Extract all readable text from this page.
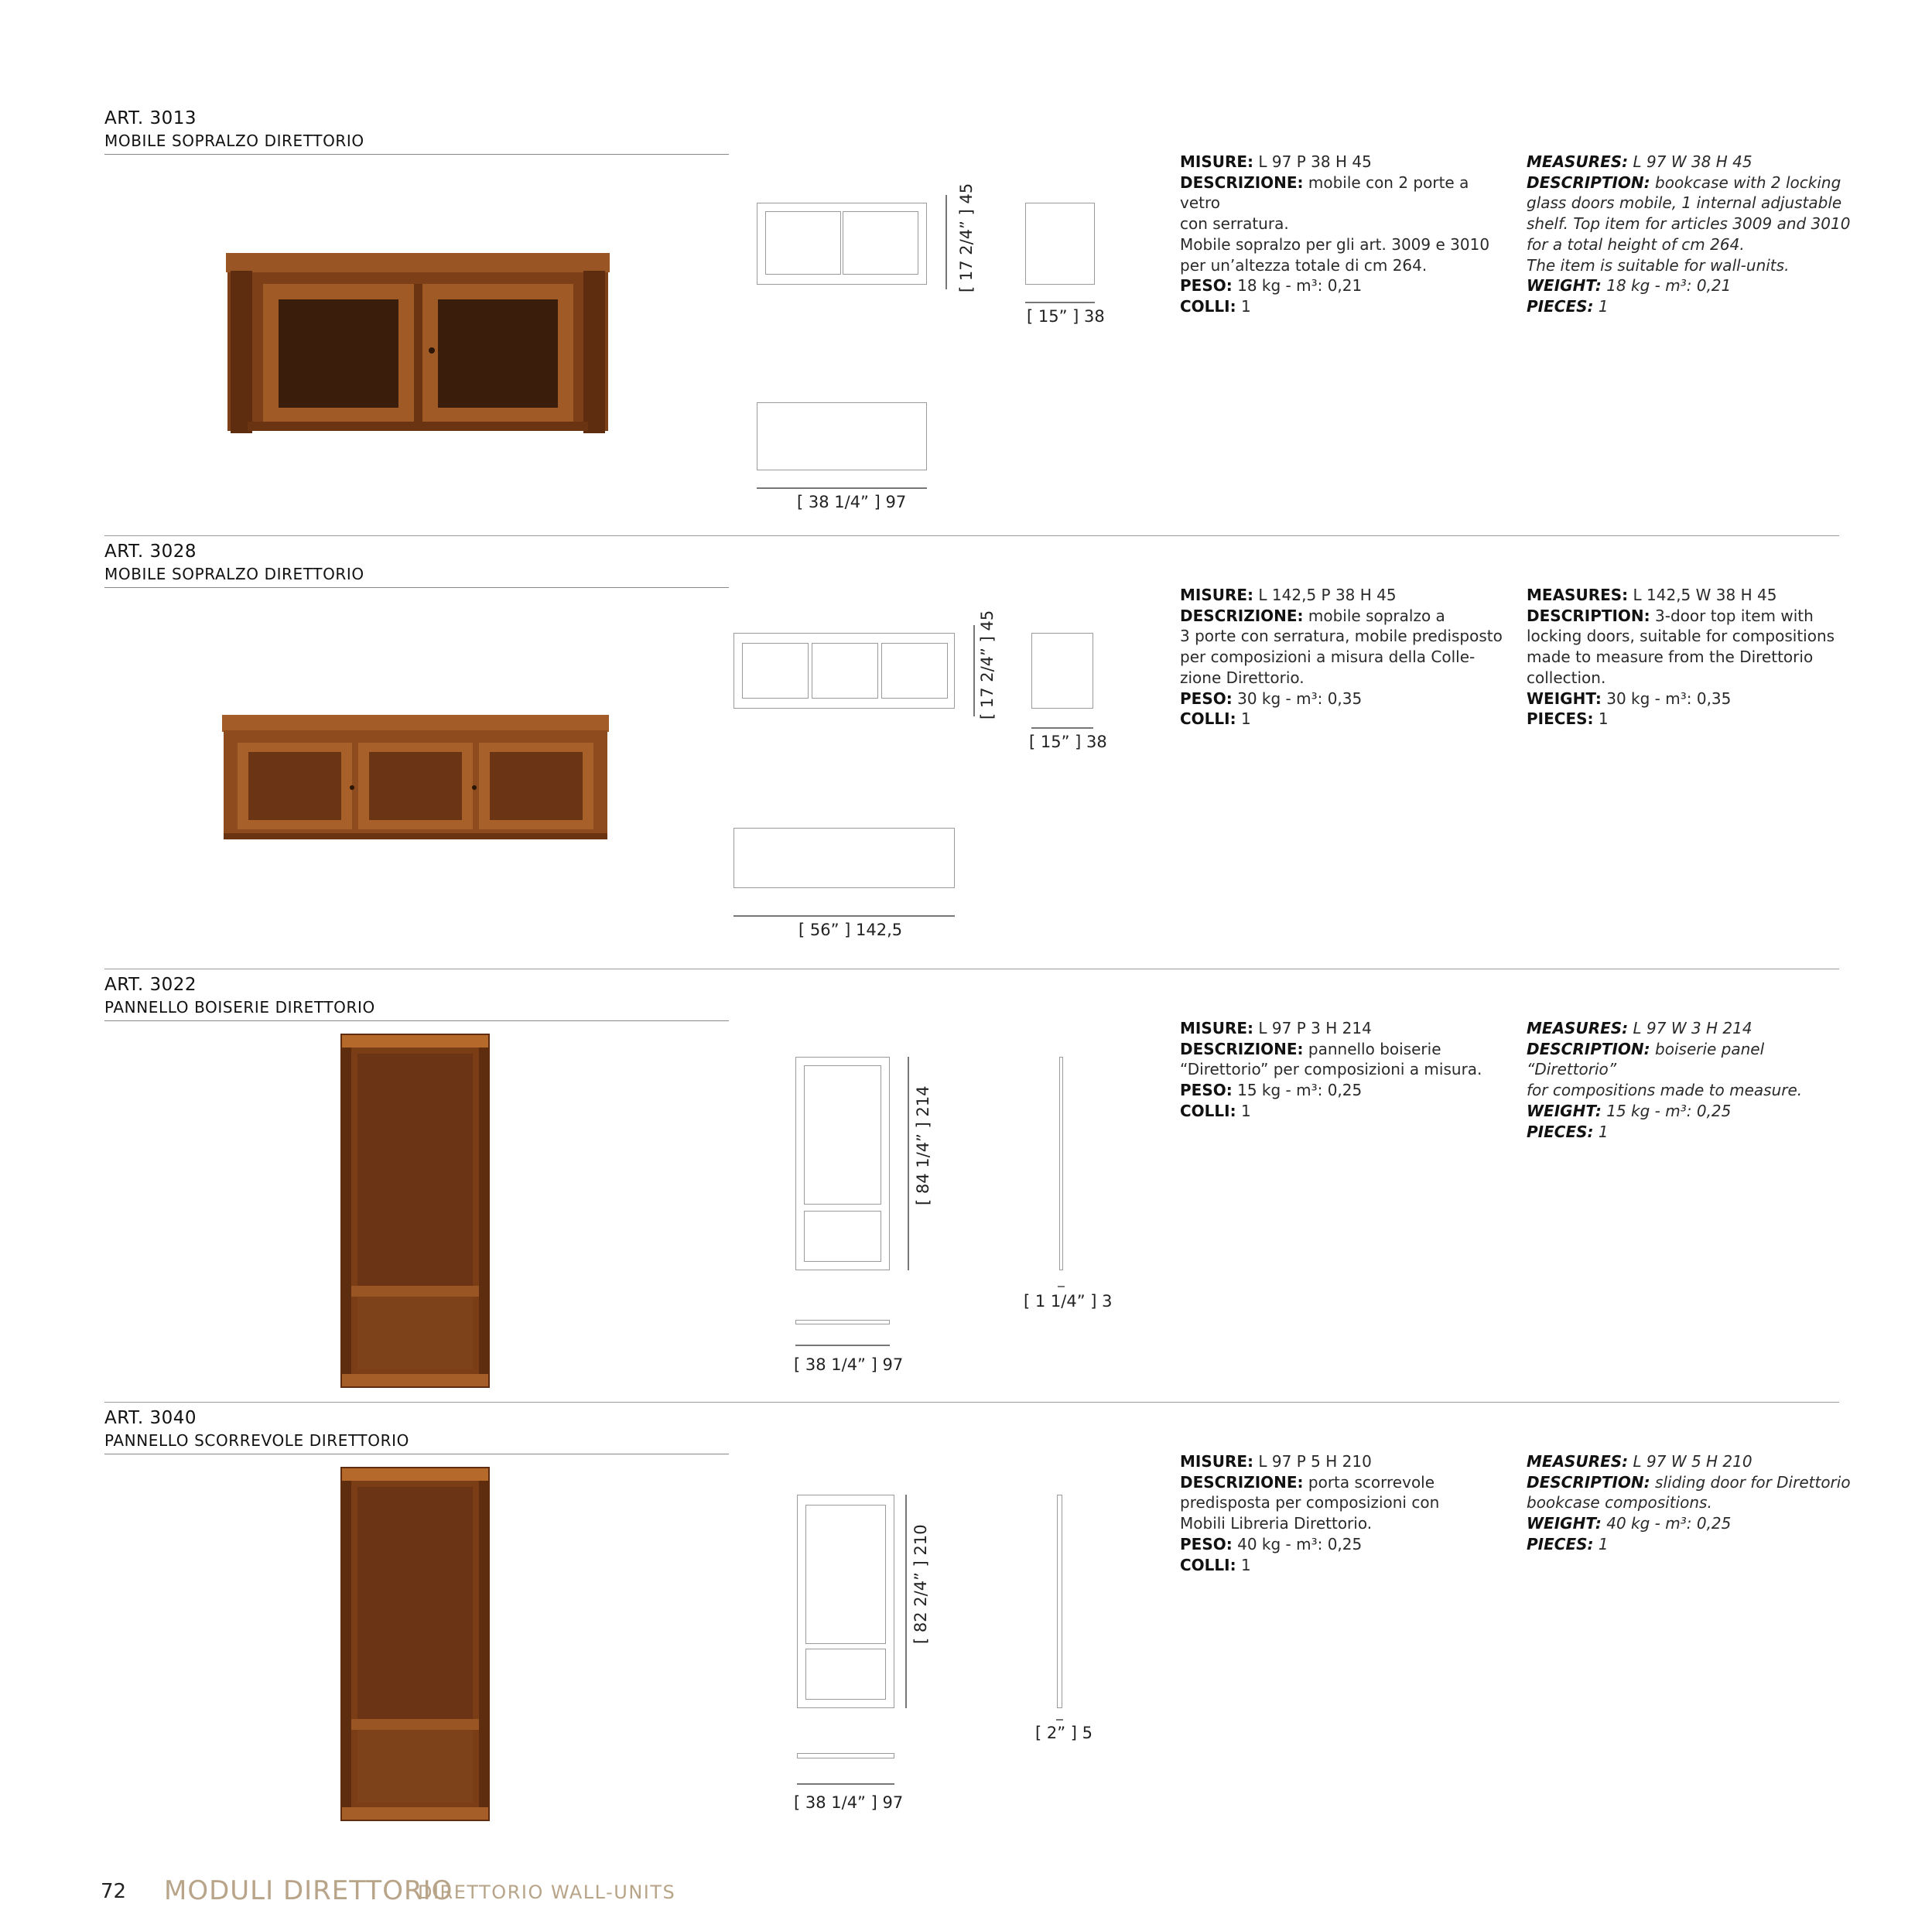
ART. 3013
MOBILE SOPRALZO DIRETTORIO
[ 17 2/4” ] 45
[ 15” ] 38
[ 38 1/4” ] 97
MISURE: L 97 P 38 H 45
DESCRIZIONE: mobile con 2 porte a vetro
con serratura.
Mobile sopralzo per gli art. 3009 e 3010
per un’altezza totale di cm 264.
PESO: 18 kg - m³: 0,21
COLLI: 1
MEASURES: L 97 W 38 H 45
DESCRIPTION: bookcase with 2 locking
glass doors mobile, 1 internal adjustable
shelf. Top item for articles 3009 and 3010
for a total height of cm 264.
The item is suitable for wall-units.
WEIGHT: 18 kg - m³: 0,21
PIECES: 1
ART. 3028
MOBILE SOPRALZO DIRETTORIO
[ 17 2/4” ] 45
[ 15” ] 38
[ 56” ] 142,5
MISURE: L 142,5 P 38 H 45
DESCRIZIONE: mobile sopralzo a
3 porte con serratura, mobile predisposto
per composizioni a misura della Colle-
zione Direttorio.
PESO: 30 kg - m³: 0,35
COLLI: 1
MEASURES: L 142,5 W 38 H 45
DESCRIPTION: 3-door top item with
locking doors, suitable for compositions
made to measure from the Direttorio
collection.
WEIGHT: 30 kg - m³: 0,35
PIECES: 1
ART. 3022
PANNELLO BOISERIE DIRETTORIO
[ 84 1/4” ] 214
[ 1 1/4” ] 3
[ 38 1/4” ] 97
MISURE: L 97 P 3 H 214
DESCRIZIONE: pannello boiserie
“Direttorio” per composizioni a misura.
PESO: 15 kg - m³: 0,25
COLLI: 1
MEASURES: L 97 W 3 H 214
DESCRIPTION: boiserie panel “Direttorio”
for compositions made to measure.
WEIGHT: 15 kg - m³: 0,25
PIECES: 1
ART. 3040
PANNELLO SCORREVOLE DIRETTORIO
[ 82 2/4” ] 210
[ 2” ] 5
[ 38 1/4” ] 97
MISURE: L 97 P 5 H 210
DESCRIZIONE: porta scorrevole
predisposta per composizioni con
Mobili Libreria Direttorio.
PESO: 40 kg - m³: 0,25
COLLI: 1
MEASURES: L 97 W 5 H 210
DESCRIPTION: sliding door for Direttorio
bookcase compositions.
WEIGHT: 40 kg - m³: 0,25
PIECES: 1
72 MODULI DIRETTORIO
DIRETTORIO WALL-UNITS
